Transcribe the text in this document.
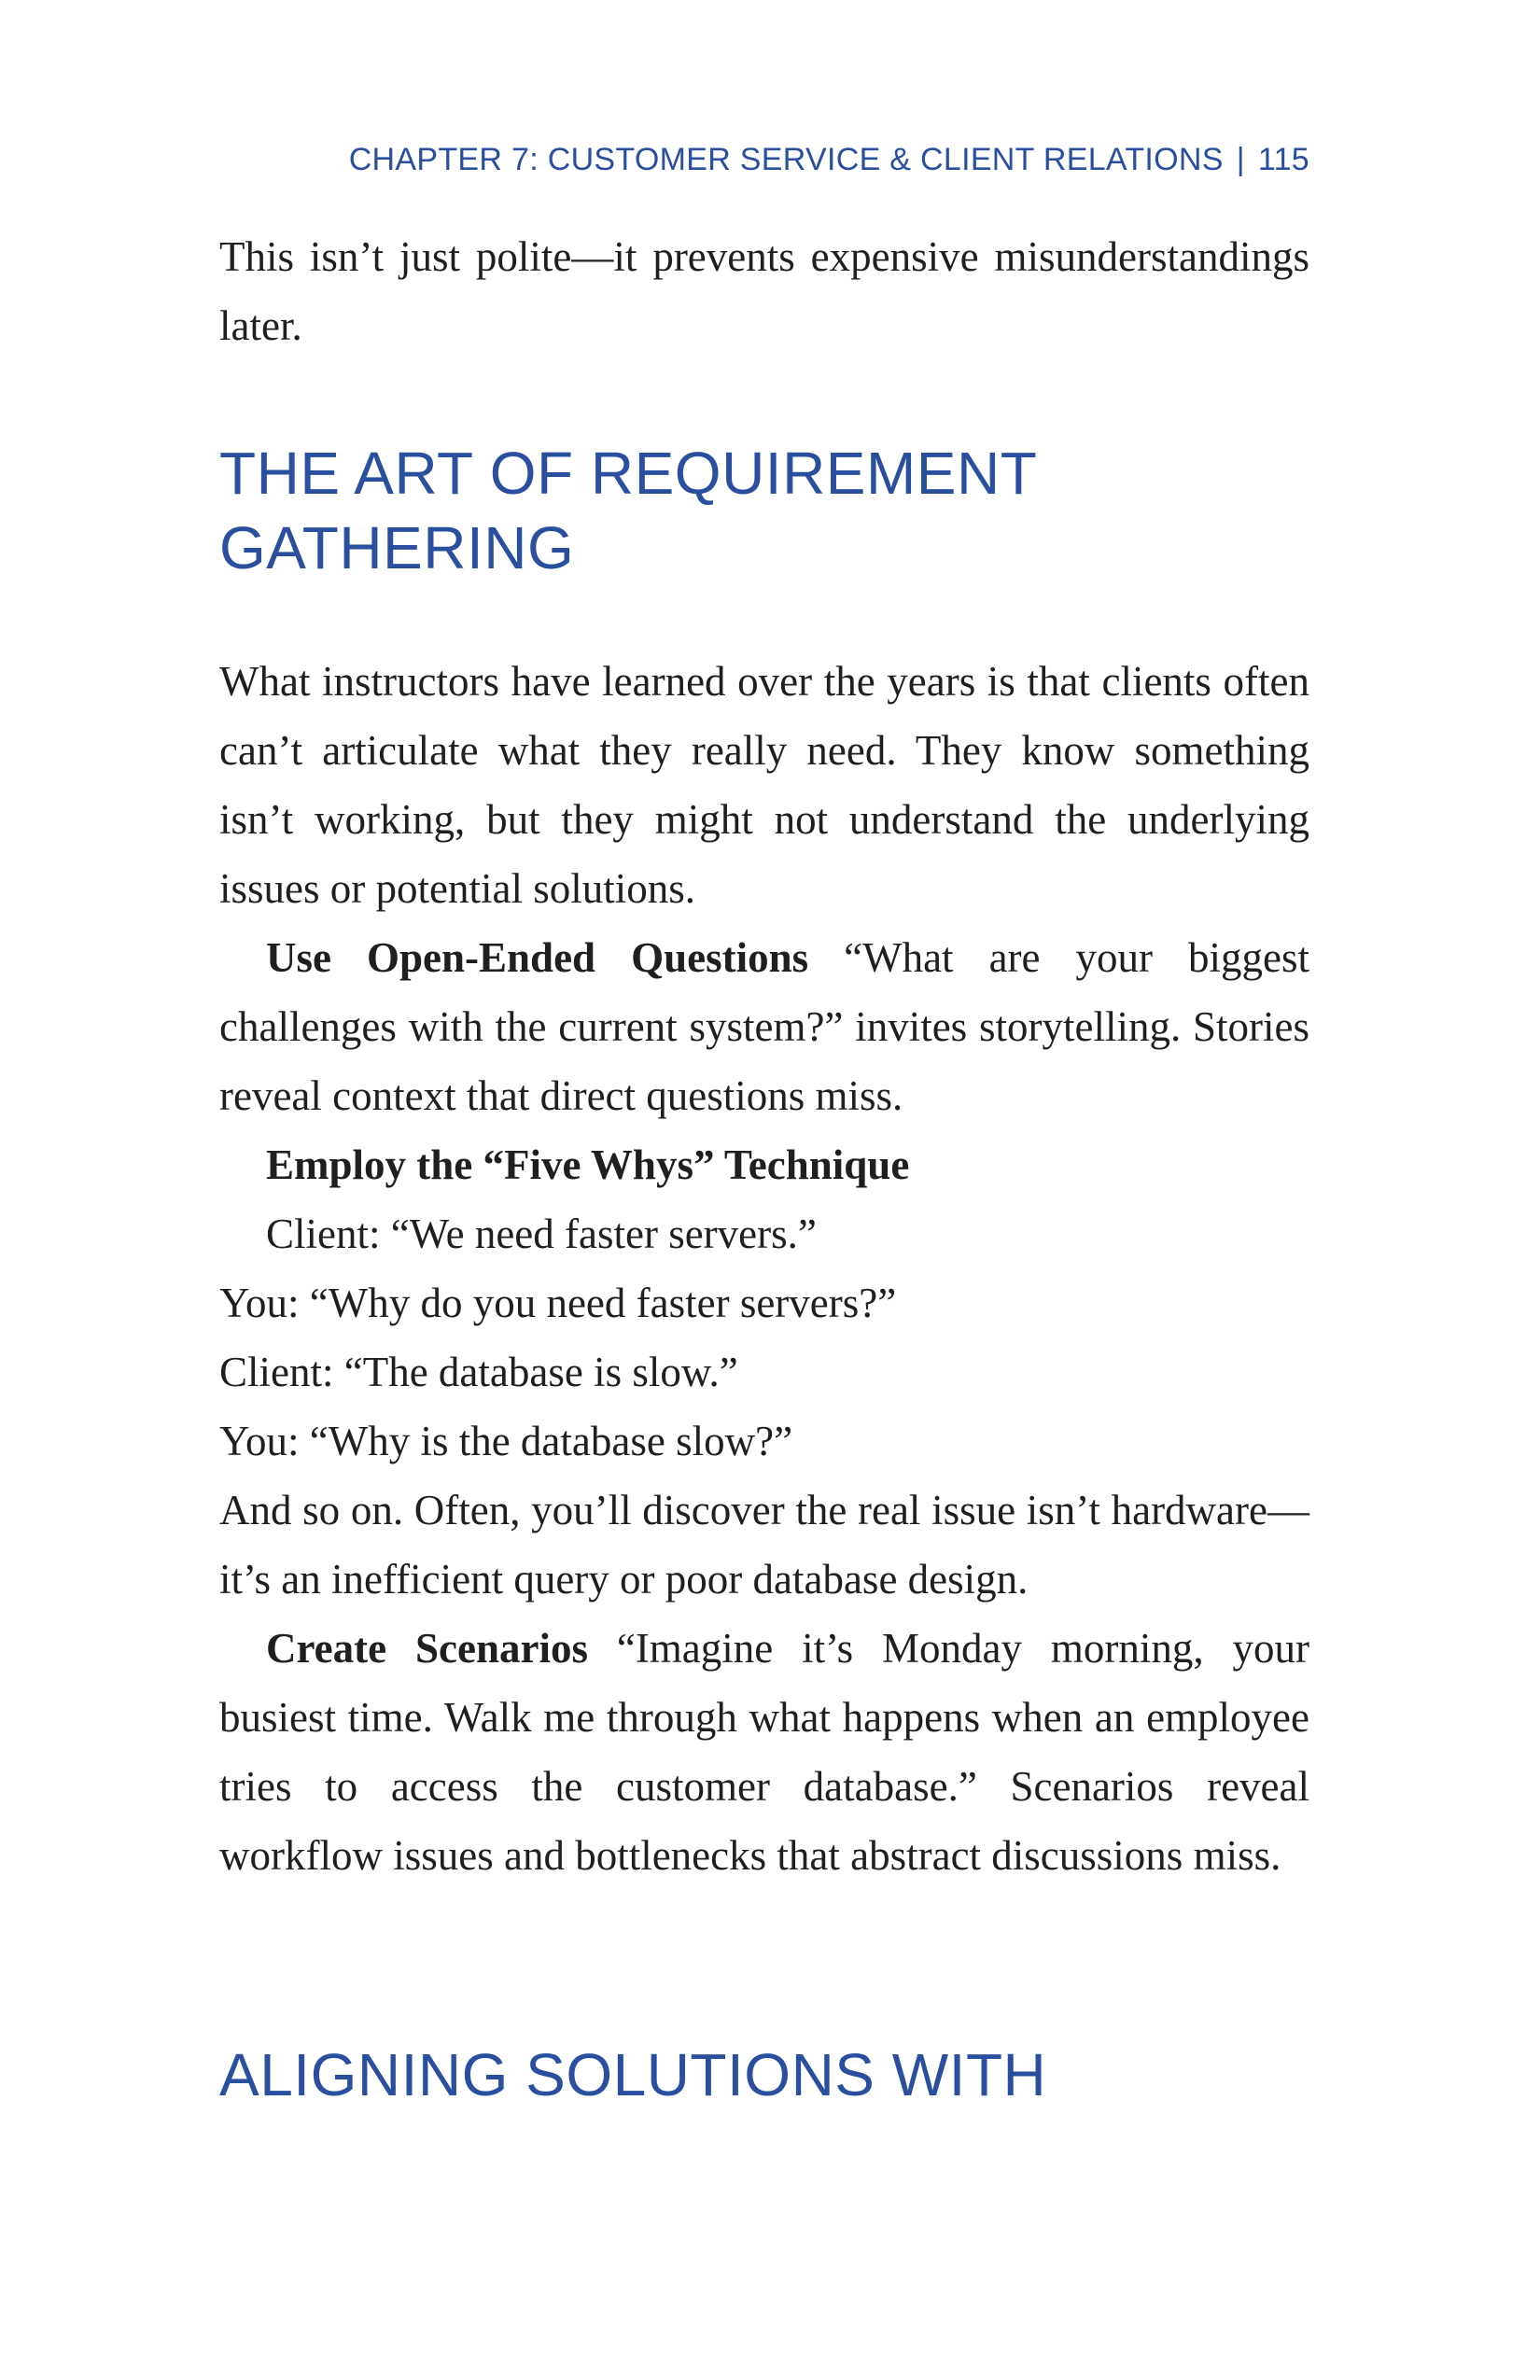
CHAPTER 7: CUSTOMER SERVICE & CLIENT RELATIONS | 115

This isn’t just polite—it prevents expensive misunderstandings later.

THE ART OF REQUIREMENT
GATHERING

What instructors have learned over the years is that clients often can’t articulate what they really need. They know something isn’t working, but they might not understand the underlying issues or potential solutions.

Use Open-Ended Questions “What are your biggest challenges with the current system?” invites storytelling. Stories reveal context that direct questions miss.

Employ the “Five Whys” Technique

Client: “We need faster servers.”

You: “Why do you need faster servers?”

Client: “The database is slow.”

You: “Why is the database slow?”

And so on. Often, you’ll discover the real issue isn’t hardware—it’s an inefficient query or poor database design.

Create Scenarios “Imagine it’s Monday morning, your busiest time. Walk me through what happens when an employee tries to access the customer database.” Scenarios reveal workflow issues and bottlenecks that abstract discussions miss.

ALIGNING SOLUTIONS WITH
